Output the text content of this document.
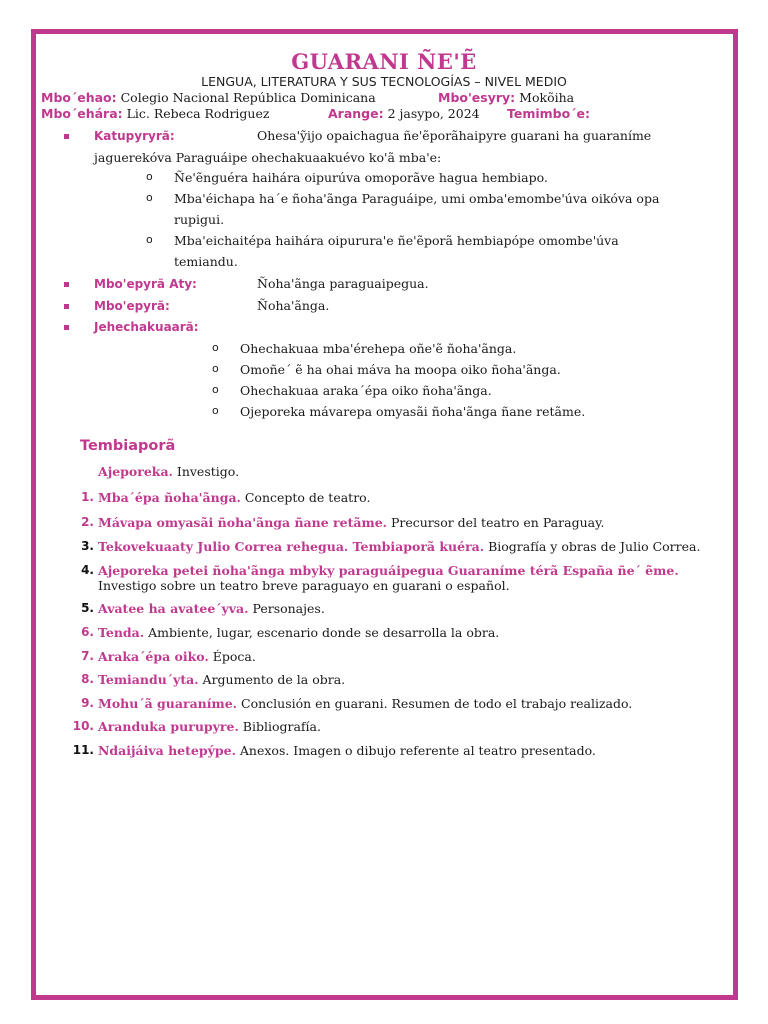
GUARANI ÑE'Ẽ
LENGUA, LITERATURA Y SUS TECNOLOGÍAS – NIVEL MEDIO
Mbo´ehao: Colegio Nacional República Dominicana	Mbo'esyry: Mokõiha
Mbo´ehára: Lic. Rebeca Rodriguez	Arange: 2 jasypo, 2024 Temimbo´e:
Katupyryrã:	Ohesa'ỹijo opaichagua ñe'ẽporãhaipyre guarani ha guaraníme
jaguerekóva Paraguáipe ohechakuaakuévo ko'ã mba'e:
o Ñe'ẽnguéra haihára oipurúva omoporãve hagua hembiapo.
o Mba'éichapa ha´e ñoha'ãnga Paraguáipe, umi omba'emombe'úva oikóva opa
rupigui.
o Mba'eichaitépa haihára oipurura'e ñe'ẽporã hembiapópe omombe'úva
temiandu.
Mbo'epyrã Aty:	Ñoha'ãnga paraguaipegua.
Mbo'epyrã:	Ñoha'ãnga.
Jehechakuaarã:
o Ohechakuaa mba'érehepa oñe'ẽ ñoha'ãnga.
o Omoñe´ ẽ ha ohai máva ha moopa oiko ñoha'ãnga.
o Ohechakuaa araka´épa oiko ñoha'ãnga.
o Ojeporeka mávarepa omyasãi ñoha'ãnga ñane retãme.
Tembiaporã
Ajeporeka. Investigo.
1. Mba´épa ñoha'ãnga. Concepto de teatro.
2. Mávapa omyasãi ñoha'ãnga ñane retãme. Precursor del teatro en Paraguay.
3. Tekovekuaaty Julio Correa rehegua. Tembiaporã kuéra. Biografía y obras de Julio Correa.
4. Ajeporeka petei ñoha'ãnga mbyky paraguáipegua Guaraníme térã España ñe´ ẽme.
Investigo sobre un teatro breve paraguayo en guarani o español.
5. Avatee ha avatee´yva. Personajes.
6. Tenda. Ambiente, lugar, escenario donde se desarrolla la obra.
7. Araka´épa oiko. Época.
8. Temiandu´yta. Argumento de la obra.
9. Mohu´ã guaraníme. Conclusión en guarani. Resumen de todo el trabajo realizado.
10. Aranduka purupyre. Bibliografía.
11. Ndaijáiva hetepýpe. Anexos. Imagen o dibujo referente al teatro presentado.
